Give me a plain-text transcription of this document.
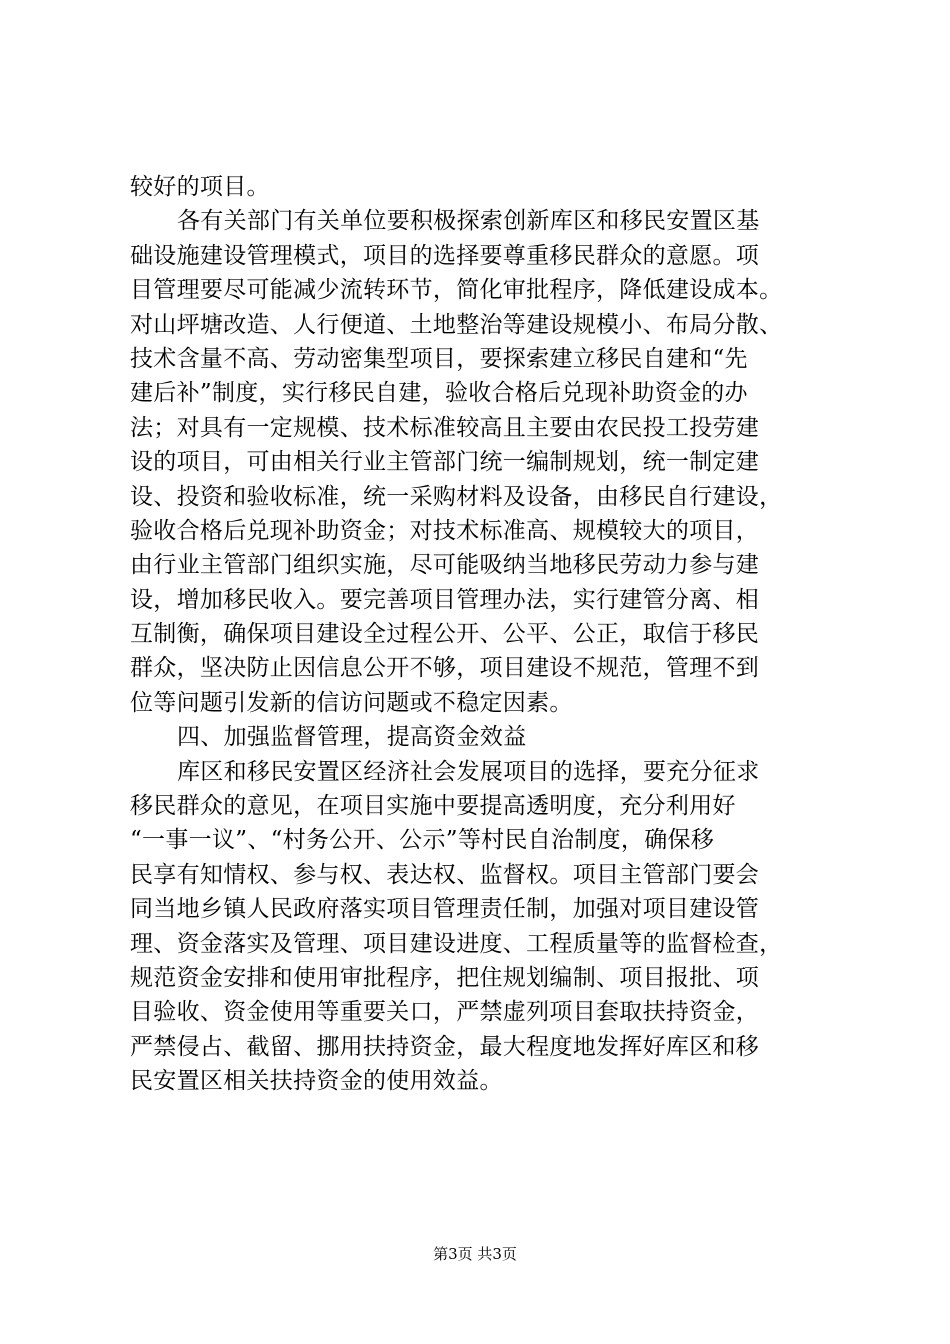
较好的项目。
各有关部门有关单位要积极探索创新库区和移民安置区基
础设施建设管理模式，项目的选择要尊重移民群众的意愿。项
目管理要尽可能减少流转环节，简化审批程序，降低建设成本。
对山坪塘改造、人行便道、土地整治等建设规模小、布局分散、
技术含量不高、劳动密集型项目，要探索建立移民自建和“先
建后补”制度，实行移民自建，验收合格后兑现补助资金的办
法；对具有一定规模、技术标准较高且主要由农民投工投劳建
设的项目，可由相关行业主管部门统一编制规划，统一制定建
设、投资和验收标准，统一采购材料及设备，由移民自行建设，
验收合格后兑现补助资金；对技术标准高、规模较大的项目，
由行业主管部门组织实施，尽可能吸纳当地移民劳动力参与建
设，增加移民收入。要完善项目管理办法，实行建管分离、相
互制衡，确保项目建设全过程公开、公平、公正，取信于移民
群众，坚决防止因信息公开不够，项目建设不规范，管理不到
位等问题引发新的信访问题或不稳定因素。
四、加强监督管理，提高资金效益
库区和移民安置区经济社会发展项目的选择，要充分征求
移民群众的意见，在项目实施中要提高透明度，充分利用好
“一事一议”、“村务公开、公示”等村民自治制度，确保移
民享有知情权、参与权、表达权、监督权。项目主管部门要会
同当地乡镇人民政府落实项目管理责任制，加强对项目建设管
理、资金落实及管理、项目建设进度、工程质量等的监督检查，
规范资金安排和使用审批程序，把住规划编制、项目报批、项
目验收、资金使用等重要关口，严禁虚列项目套取扶持资金，
严禁侵占、截留、挪用扶持资金，最大程度地发挥好库区和移
民安置区相关扶持资金的使用效益。
第3页 共3页
